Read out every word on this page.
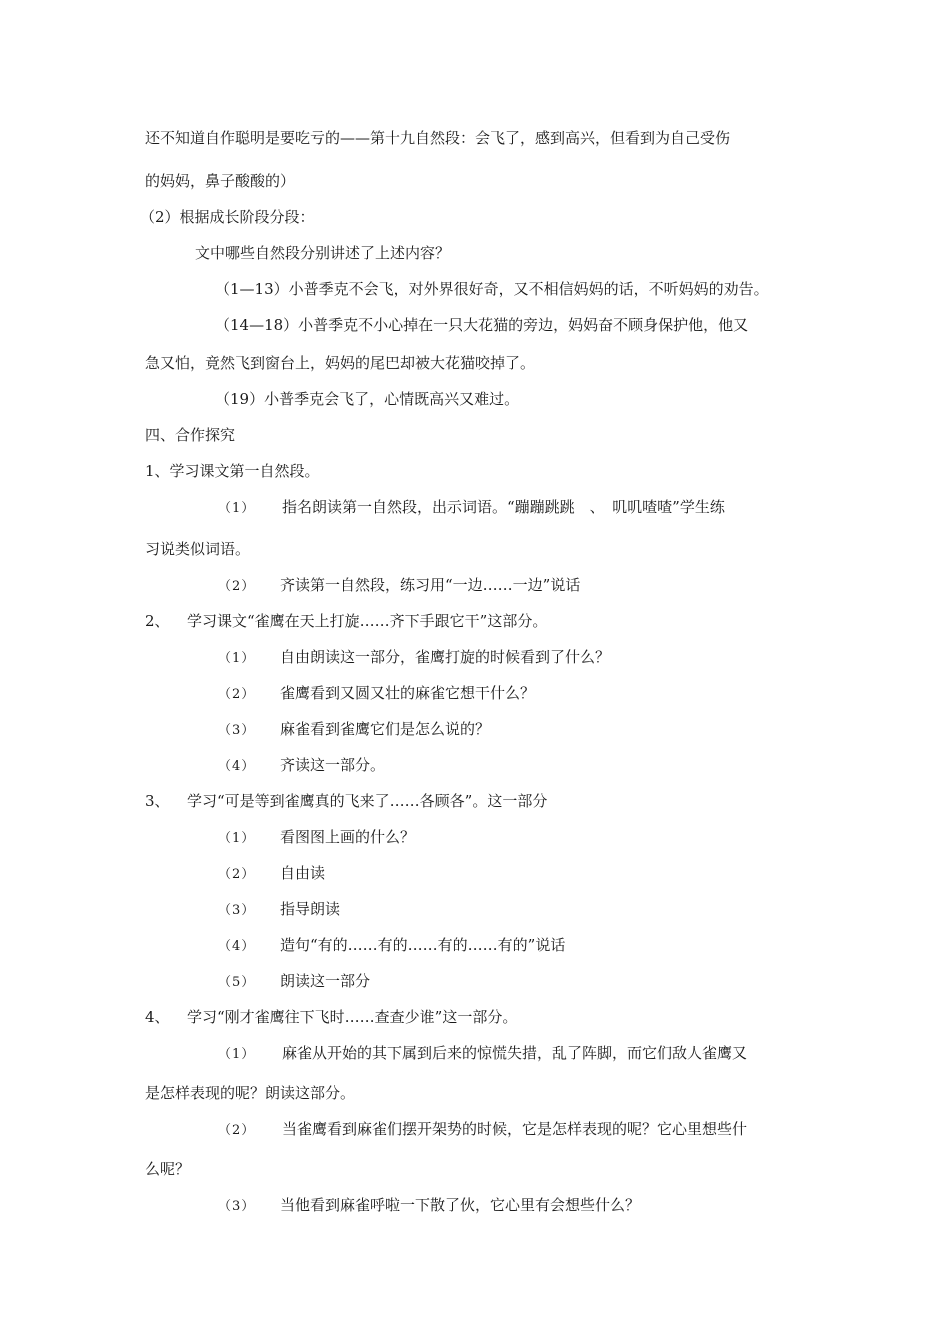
还不知道自作聪明是要吃亏的——第十九自然段：会飞了，感到高兴，但看到为自己受伤
的妈妈，鼻子酸酸的）
（2）根据成长阶段分段：
文中哪些自然段分别讲述了上述内容？
（1—13）小普季克不会飞，对外界很好奇，又不相信妈妈的话，不听妈妈的劝告。
（14—18）小普季克不小心掉在一只大花猫的旁边，妈妈奋不顾身保护他，他又
急又怕，竟然飞到窗台上，妈妈的尾巴却被大花猫咬掉了。
（19）小普季克会飞了，心情既高兴又难过。
四、合作探究
1、学习课文第一自然段。
（1） 指名朗读第一自然段，出示词语。“蹦蹦跳跳　、　叽叽喳喳”学生练
习说类似词语。
（2） 齐读第一自然段，练习用“一边……一边”说话
2、 学习课文“雀鹰在天上打旋……齐下手跟它干”这部分。
（1） 自由朗读这一部分，雀鹰打旋的时候看到了什么？
（2） 雀鹰看到又圆又壮的麻雀它想干什么？
（3） 麻雀看到雀鹰它们是怎么说的？
（4） 齐读这一部分。
3、 学习“可是等到雀鹰真的飞来了……各顾各”。这一部分
（1） 看图图上画的什么？
（2） 自由读
（3） 指导朗读
（4） 造句“有的……有的……有的……有的”说话
（5） 朗读这一部分
4、 学习“刚才雀鹰往下飞时……查查少谁”这一部分。
（1） 麻雀从开始的其下属到后来的惊慌失措，乱了阵脚，而它们敌人雀鹰又
是怎样表现的呢？朗读这部分。
（2） 当雀鹰看到麻雀们摆开架势的时候，它是怎样表现的呢？它心里想些什
么呢？
（3） 当他看到麻雀呼啦一下散了伙，它心里有会想些什么？
